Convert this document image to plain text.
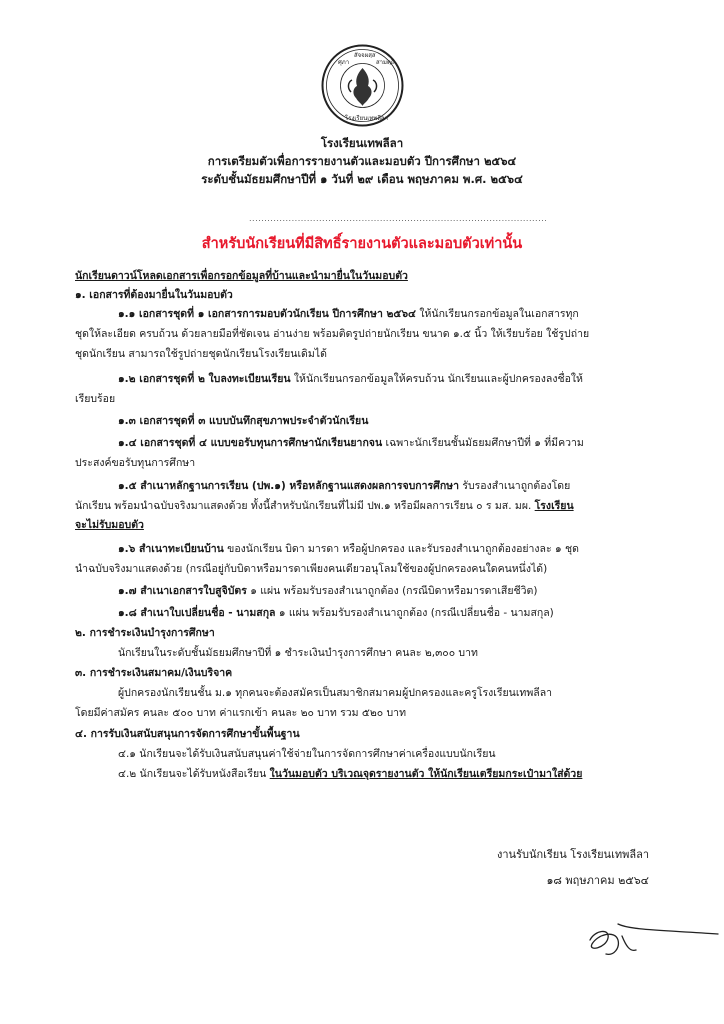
ศุภา
สัจจผสฺส
สามตฺถี
โรงเรียนเทพลีลา
โรงเรียนเทพลีลา
การเตรียมตัวเพื่อการรายงานตัวและมอบตัว ปีการศึกษา ๒๕๖๔
ระดับชั้นมัธยมศึกษาปีที่ ๑ วันที่ ๒๙ เดือน พฤษภาคม พ.ศ. ๒๕๖๔
..................................................................................................
สำหรับนักเรียนที่มีสิทธิ์รายงานตัวและมอบตัวเท่านั้น
นักเรียนดาวน์โหลดเอกสารเพื่อกรอกข้อมูลที่บ้านและนำมายื่นในวันมอบตัว
๑. เอกสารที่ต้องมายื่นในวันมอบตัว
๑.๑ เอกสารชุดที่ ๑ เอกสารการมอบตัวนักเรียน ปีการศึกษา ๒๕๖๔ ให้นักเรียนกรอกข้อมูลในเอกสารทุก
ชุดให้ละเอียด ครบถ้วน ด้วยลายมือที่ชัดเจน อ่านง่าย พร้อมติดรูปถ่ายนักเรียน ขนาด ๑.๕ นิ้ว ให้เรียบร้อย ใช้รูปถ่าย
ชุดนักเรียน สามารถใช้รูปถ่ายชุดนักเรียนโรงเรียนเดิมได้
๑.๒ เอกสารชุดที่ ๒ ใบลงทะเบียนเรียน ให้นักเรียนกรอกข้อมูลให้ครบถ้วน นักเรียนและผู้ปกครองลงชื่อให้
เรียบร้อย
๑.๓ เอกสารชุดที่ ๓ แบบบันทึกสุขภาพประจำตัวนักเรียน
๑.๔ เอกสารชุดที่ ๔ แบบขอรับทุนการศึกษานักเรียนยากจน เฉพาะนักเรียนชั้นมัธยมศึกษาปีที่ ๑ ที่มีความ
ประสงค์ขอรับทุนการศึกษา
๑.๕ สำเนาหลักฐานการเรียน (ปพ.๑) หรือหลักฐานแสดงผลการจบการศึกษา รับรองสำเนาถูกต้องโดย
นักเรียน พร้อมนำฉบับจริงมาแสดงด้วย ทั้งนี้สำหรับนักเรียนที่ไม่มี ปพ.๑ หรือมีผลการเรียน ๐ ร มส. มผ. โรงเรียน
จะไม่รับมอบตัว
๑.๖ สำเนาทะเบียนบ้าน ของนักเรียน บิดา มารดา หรือผู้ปกครอง และรับรองสำเนาถูกต้องอย่างละ ๑ ชุด
นำฉบับจริงมาแสดงด้วย (กรณีอยู่กับบิดาหรือมารดาเพียงคนเดียวอนุโลมใช้ของผู้ปกครองคนใดคนหนึ่งได้)
๑.๗ สำเนาเอกสารใบสูจิบัตร ๑ แผ่น พร้อมรับรองสำเนาถูกต้อง (กรณีบิดาหรือมารดาเสียชีวิต)
๑.๘ สำเนาใบเปลี่ยนชื่อ - นามสกุล ๑ แผ่น พร้อมรับรองสำเนาถูกต้อง (กรณีเปลี่ยนชื่อ - นามสกุล)
๒. การชำระเงินบำรุงการศึกษา
นักเรียนในระดับชั้นมัธยมศึกษาปีที่ ๑ ชำระเงินบำรุงการศึกษา คนละ ๒,๓๐๐ บาท
๓. การชำระเงินสมาคม/เงินบริจาค
ผู้ปกครองนักเรียนชั้น ม.๑ ทุกคนจะต้องสมัครเป็นสมาชิกสมาคมผู้ปกครองและครูโรงเรียนเทพลีลา
โดยมีค่าสมัคร คนละ ๕๐๐ บาท ค่าแรกเข้า คนละ ๒๐ บาท รวม ๕๒๐ บาท
๔. การรับเงินสนับสนุนการจัดการศึกษาขั้นพื้นฐาน
๔.๑ นักเรียนจะได้รับเงินสนับสนุนค่าใช้จ่ายในการจัดการศึกษาค่าเครื่องแบบนักเรียน
๔.๒ นักเรียนจะได้รับหนังสือเรียน ในวันมอบตัว บริเวณจุดรายงานตัว ให้นักเรียนเตรียมกระเป๋ามาใส่ด้วย
งานรับนักเรียน โรงเรียนเทพลีลา
๑๘ พฤษภาคม ๒๕๖๔
